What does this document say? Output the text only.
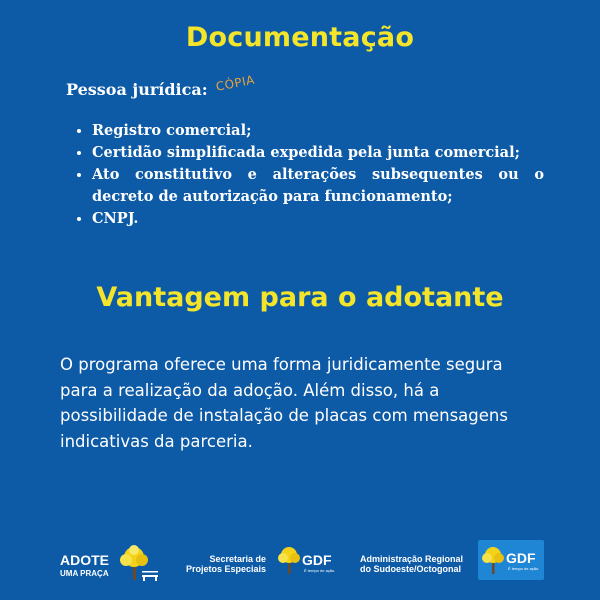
Documentação
Pessoa jurídica: CÓPIA
• Registro comercial;
• Certidão simplificada expedida pela junta comercial;
• Ato constitutivo e alterações subsequentes ou o decreto de autorização para funcionamento;
• CNPJ.
Vantagem para o adotante

O programa oferece uma forma juridicamente segura para a realização da adoção. Além disso, há a possibilidade de instalação de placas com mensagens indicativas da parceria.

ADOTE
UMA PRAÇA
Secretaria de
Projetos Especiais
GDF
É tempo de ação.
Administração Regional
do Sudoeste/Octogonal
GDF
É tempo de ação.
